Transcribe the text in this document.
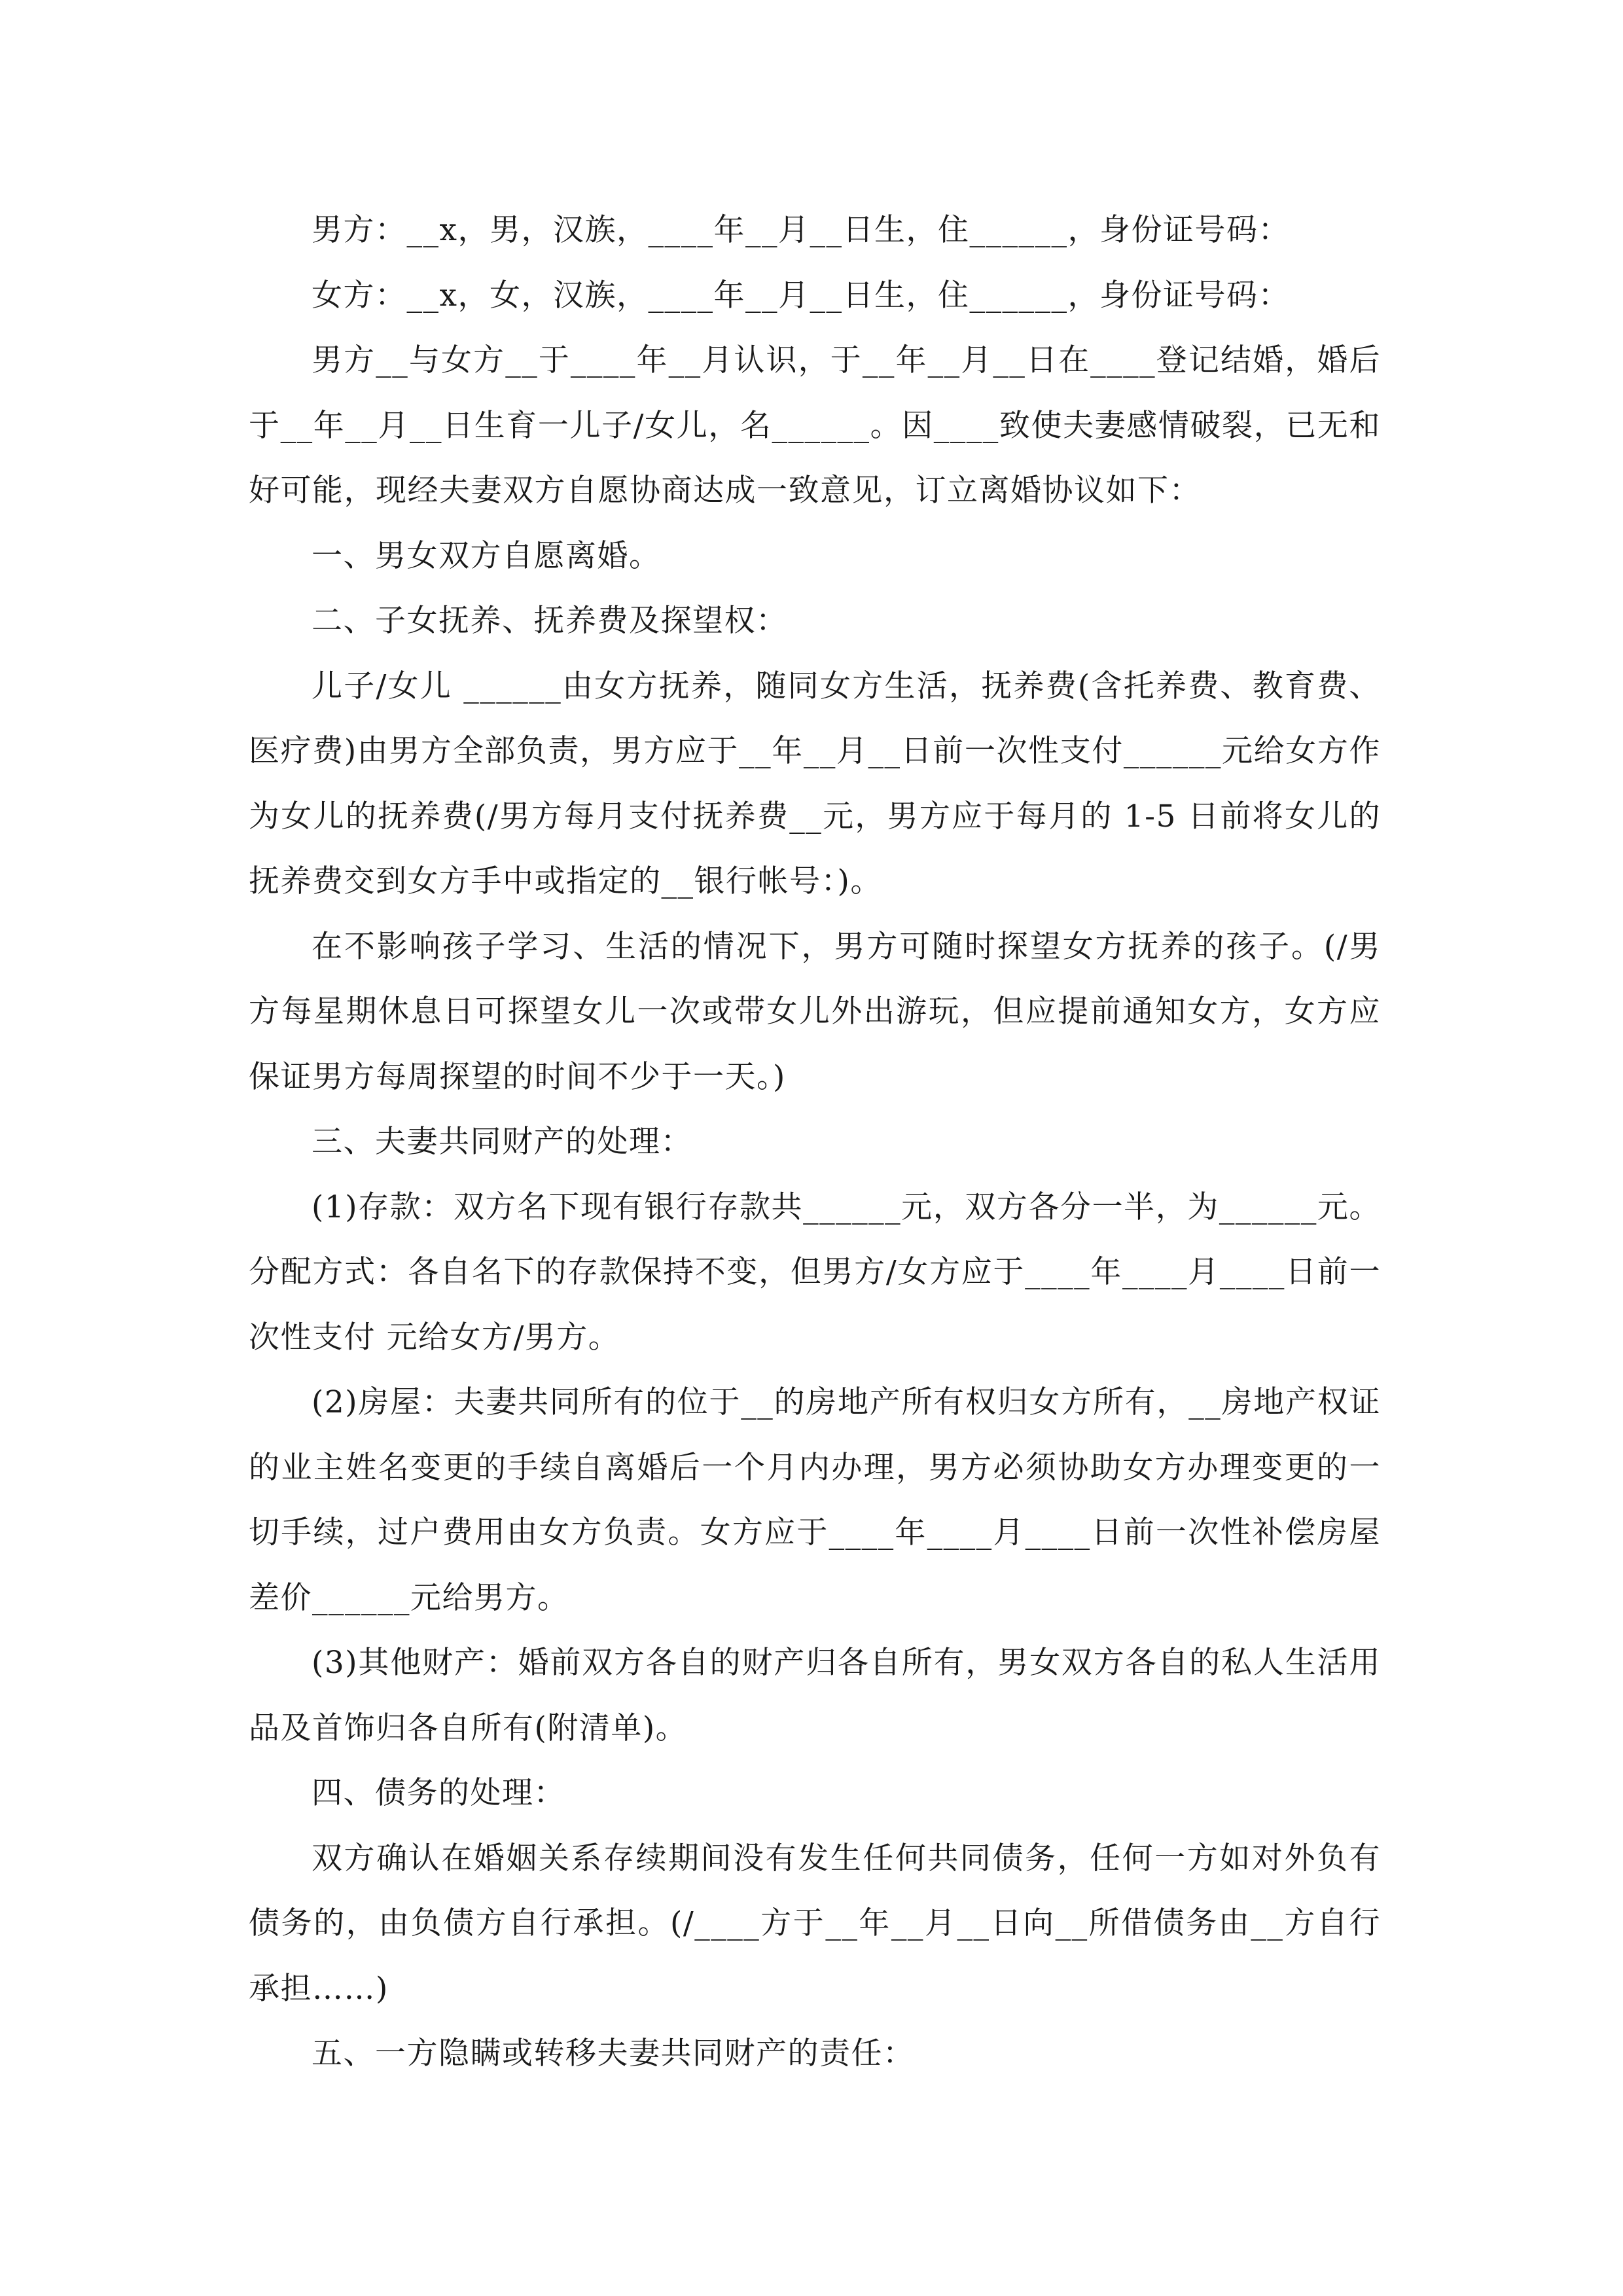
男方：__x，男，汉族，____年__月__日生，住______，身份证号码：

女方：__x，女，汉族，____年__月__日生，住______，身份证号码：

男方__与女方__于____年__月认识，于__年__月__日在____登记结婚，婚后于__年__月__日生育一儿子/女儿，名______。因____致使夫妻感情破裂，已无和好可能，现经夫妻双方自愿协商达成一致意见，订立离婚协议如下：

一、男女双方自愿离婚。

二、子女抚养、抚养费及探望权：

儿子/女儿 ______由女方抚养，随同女方生活，抚养费(含托养费、教育费、医疗费)由男方全部负责，男方应于__年__月__日前一次性支付______元给女方作为女儿的抚养费(/男方每月支付抚养费__元，男方应于每月的 1-5 日前将女儿的抚养费交到女方手中或指定的__银行帐号：)。

在不影响孩子学习、生活的情况下，男方可随时探望女方抚养的孩子。(/男方每星期休息日可探望女儿一次或带女儿外出游玩，但应提前通知女方，女方应保证男方每周探望的时间不少于一天。)

三、夫妻共同财产的处理：

(1)存款：双方名下现有银行存款共______元，双方各分一半，为______元。分配方式：各自名下的存款保持不变，但男方/女方应于____年____月____日前一次性支付 元给女方/男方。

(2)房屋：夫妻共同所有的位于__的房地产所有权归女方所有，__房地产权证的业主姓名变更的手续自离婚后一个月内办理，男方必须协助女方办理变更的一切手续，过户费用由女方负责。女方应于____年____月____日前一次性补偿房屋差价______元给男方。

(3)其他财产：婚前双方各自的财产归各自所有，男女双方各自的私人生活用品及首饰归各自所有(附清单)。

四、债务的处理：

双方确认在婚姻关系存续期间没有发生任何共同债务，任何一方如对外负有债务的，由负债方自行承担。(/____方于__年__月__日向__所借债务由__方自行承担……)

五、一方隐瞒或转移夫妻共同财产的责任：
